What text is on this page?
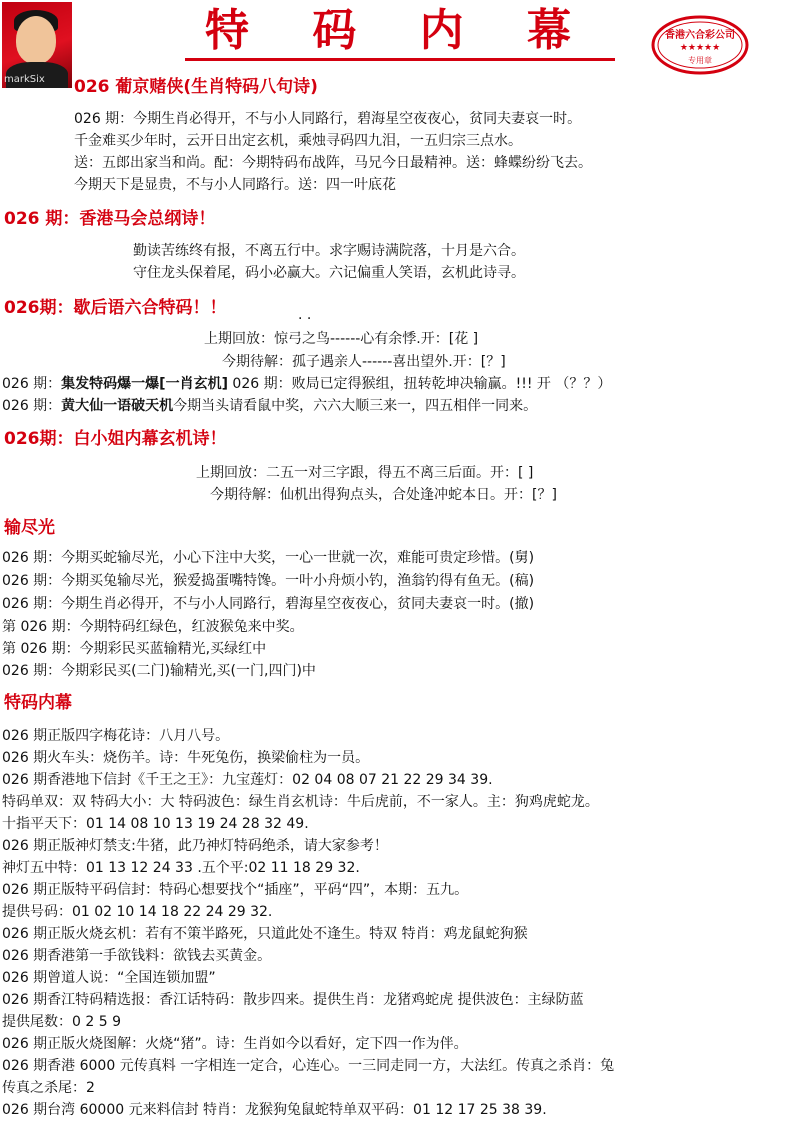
markSix
特 码 内 幕	香港六合彩公司
★★★★★
专用章
026 葡京赌侠(生肖特码八句诗)
026 期：今期生肖必得开，不与小人同路行，碧海星空夜夜心，贫同夫妻哀一时。
千金难买少年时，云开日出定玄机，乘烛寻码四九泪，一五归宗三点水。
送：五郎出家当和尚。配：今期特码布战阵，马兄今日最精神。送：蜂蝶纷纷飞去。
今期天下是显贵，不与小人同路行。送：四一叶底花
026 期：香港马会总纲诗！
勤读苦练终有报，不离五行中。求字赐诗满院落，十月是六合。
守住龙头保着尾，码小必赢大。六记偏重人笑语，玄机此诗寻。
026期：歇后语六合特码！！	. .
上期回放：惊弓之鸟------心有余悸.开：[花 ]
今期待解：孤子遇亲人------喜出望外.开：[？]
026 期：集发特码爆一爆[一肖玄机] 026 期：败局已定得猴组，扭转乾坤决输赢。!!! 开 （？？）
026 期：黄大仙一语破天机今期当头请看鼠中奖，六六大顺三来一，四五相伴一同来。
026期：白小姐内幕玄机诗！
上期回放：二五一对三字跟，得五不离三后面。开：[ ]
今期待解：仙机出得狗点头，合处逢冲蛇本日。开：[？]
输尽光
026 期：今期买蛇输尽光，小心下注中大奖，一心一世就一次，难能可贵定珍惜。(舅)
026 期：今期买兔输尽光，猴爱捣蛋嘴特馋。一叶小舟烦小钓，渔翁钓得有鱼无。(稿)
026 期：今期生肖必得开，不与小人同路行，碧海星空夜夜心，贫同夫妻哀一时。(撤)
第 026 期：今期特码红绿色，红波猴兔来中奖。
第 026 期：今期彩民买蓝输精光,买绿红中
026 期：今期彩民买(二门)输精光,买(一门,四门)中
特码内幕
026 期正版四字梅花诗：八月八号。
026 期火车头：烧伤羊。诗：牛死兔伤，换梁偷柱为一员。
026 期香港地下信封《千王之王》：九宝莲灯：02 04 08 07 21 22 29 34 39.
特码单双：双 特码大小：大 特码波色：绿生肖玄机诗：牛后虎前，不一家人。主：狗鸡虎蛇龙。
十指平天下：01 14 08 10 13 19 24 28 32 49.
026 期正版神灯禁支:牛猪，此乃神灯特码绝杀，请大家参考！
神灯五中特：01 13 12 24 33 .五个平:02 11 18 29 32.
026 期正版特平码信封：特码心想要找个“插座”，平码“四”，本期：五九。
提供号码：01 02 10 14 18 22 24 29 32.
026 期正版火烧玄机：若有不策半路死，只道此处不逢生。特双 特肖：鸡龙鼠蛇狗猴
026 期香港第一手欲钱料：欲钱去买黄金。
026 期曾道人说：“全国连锁加盟”
026 期香江特码精选报：香江话特码：散步四来。提供生肖：龙猪鸡蛇虎 提供波色：主绿防蓝
提供尾数：0 2 5 9
026 期正版火烧图解：火烧“猪”。诗：生肖如今以看好，定下四一作为伴。
026 期香港 6000 元传真料 一字相连一定合，心连心。一三同走同一方，大法红。传真之杀肖：兔
传真之杀尾：2
026 期台湾 60000 元来料信封 特肖：龙猴狗兔鼠蛇特单双平码：01 12 17 25 38 39.
